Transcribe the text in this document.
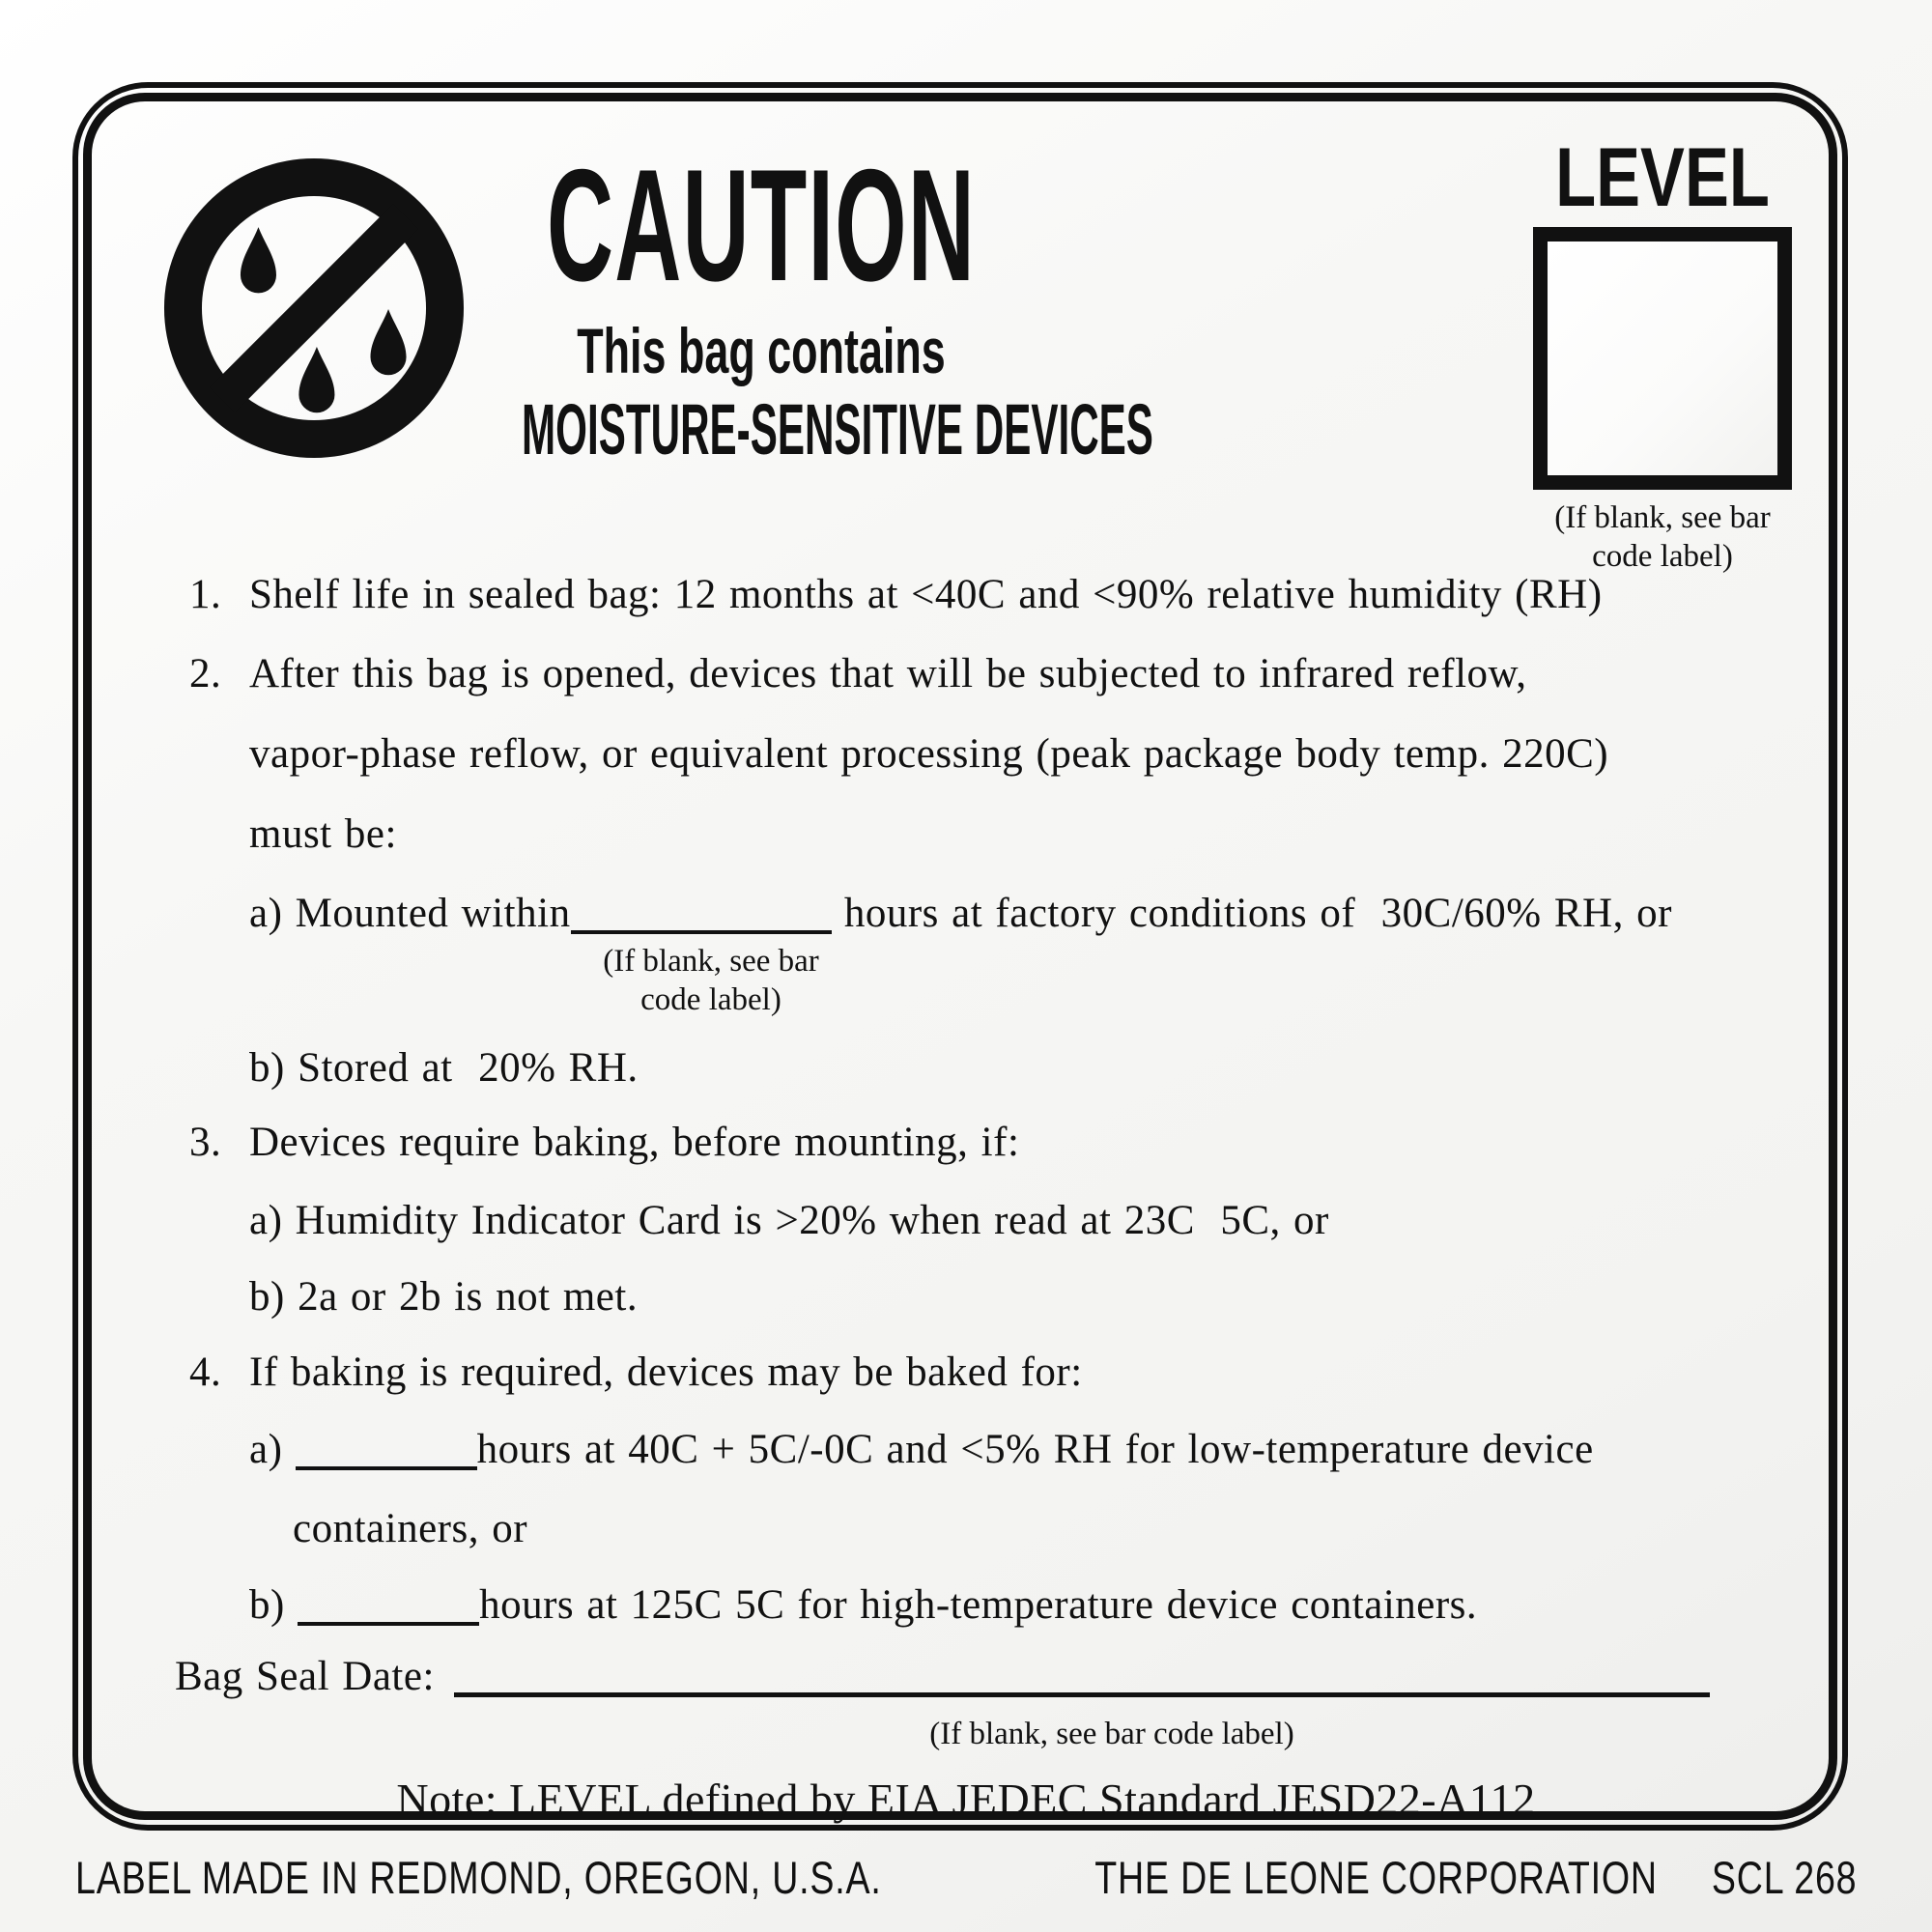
CAUTION
This bag contains
MOISTURE-SENSITIVE DEVICES
LEVEL
(If blank, see bar
code label)
1. Shelf life in sealed bag: 12 months at <40C and <90% relative humidity (RH)
2. After this bag is opened, devices that will be subjected to infrared reflow,
vapor-phase reflow, or equivalent processing (peak package body temp. 220C)
must be:
a) Mounted within	hours at factory conditions of  30C/60% RH, or
(If blank, see bar
code label)
b) Stored at  20% RH.
3. Devices require baking, before mounting, if:
a) Humidity Indicator Card is >20% when read at 23C  5C, or
b) 2a or 2b is not met.
4. If baking is required, devices may be baked for:
a)	hours at 40C + 5C/-0C and <5% RH for low-temperature device
containers, or
b)	hours at 125C 5C for high-temperature device containers.
Bag Seal Date:
(If blank, see bar code label)
Note: LEVEL defined by EIA JEDEC Standard JESD22-A112
LABEL MADE IN REDMOND, OREGON, U.S.A.	THE DE LEONE CORPORATION SCL 268
